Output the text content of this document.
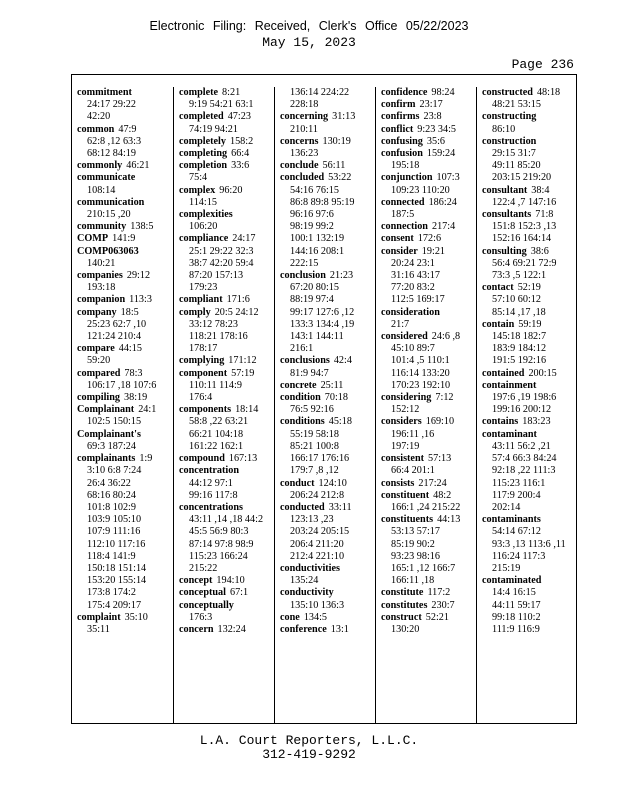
Electronic Filing: Received, Clerk's Office 05/22/2023
May 15, 2023
Page 236
commitment
24:17 29:22
42:20
common 47:9
62:8 ,12 63:3
68:12 84:19
commonly 46:21
communicate
108:14
communication
210:15 ,20
community 138:5
COMP 141:9
COMP063063
140:21
companies 29:12
193:18
companion 113:3
company 18:5
25:23 62:7 ,10
121:24 210:4
compare 44:15
59:20
compared 78:3
106:17 ,18 107:6
compiling 38:19
Complainant 24:1
102:5 150:15
Complainant's
69:3 187:24
complainants 1:9
3:10 6:8 7:24
26:4 36:22
68:16 80:24
101:8 102:9
103:9 105:10
107:9 111:16
112:10 117:16
118:4 141:9
150:18 151:14
153:20 155:14
173:8 174:2
175:4 209:17
complaint 35:10
35:11
complete 8:21
9:19 54:21 63:1
completed 47:23
74:19 94:21
completely 158:2
completing 66:4
completion 33:6
75:4
complex 96:20
114:15
complexities
106:20
compliance 24:17
25:1 29:22 32:3
38:7 42:20 59:4
87:20 157:13
179:23
compliant 171:6
comply 20:5 24:12
33:12 78:23
118:21 178:16
178:17
complying 171:12
component 57:19
110:11 114:9
176:4
components 18:14
58:8 ,22 63:21
66:21 104:18
161:22 162:1
compound 167:13
concentration
44:12 97:1
99:16 117:8
concentrations
43:11 ,14 ,18 44:2
45:5 56:9 80:3
87:14 97:8 98:9
115:23 166:24
215:22
concept 194:10
conceptual 67:1
conceptually
176:3
concern 132:24
136:14 224:22
228:18
concerning 31:13
210:11
concerns 130:19
136:23
conclude 56:11
concluded 53:22
54:16 76:15
86:8 89:8 95:19
96:16 97:6
98:19 99:2
100:1 132:19
144:16 208:1
222:15
conclusion 21:23
67:20 80:15
88:19 97:4
99:17 127:6 ,12
133:3 134:4 ,19
143:1 144:11
216:1
conclusions 42:4
81:9 94:7
concrete 25:11
condition 70:18
76:5 92:16
conditions 45:18
55:19 58:18
85:21 100:8
166:17 176:16
179:7 ,8 ,12
conduct 124:10
206:24 212:8
conducted 33:11
123:13 ,23
203:24 205:15
206:4 211:20
212:4 221:10
conductivities
135:24
conductivity
135:10 136:3
cone 134:5
conference 13:1
confidence 98:24
confirm 23:17
confirms 23:8
conflict 9:23 34:5
confusing 35:6
confusion 159:24
195:18
conjunction 107:3
109:23 110:20
connected 186:24
187:5
connection 217:4
consent 172:6
consider 19:21
20:24 23:1
31:16 43:17
77:20 83:2
112:5 169:17
consideration
21:7
considered 24:6 ,8
45:10 89:7
101:4 ,5 110:1
116:14 133:20
170:23 192:10
considering 7:12
152:12
considers 169:10
196:11 ,16
197:19
consistent 57:13
66:4 201:1
consists 217:24
constituent 48:2
166:1 ,24 215:22
constituents 44:13
53:13 57:17
85:19 90:2
93:23 98:16
165:1 ,12 166:7
166:11 ,18
constitute 117:2
constitutes 230:7
construct 52:21
130:20
constructed 48:18
48:21 53:15
constructing
86:10
construction
29:15 31:7
49:11 85:20
203:15 219:20
consultant 38:4
122:4 ,7 147:16
consultants 71:8
151:8 152:3 ,13
152:16 164:14
consulting 38:6
56:4 69:21 72:9
73:3 ,5 122:1
contact 52:19
57:10 60:12
85:14 ,17 ,18
contain 59:19
145:18 182:7
183:9 184:12
191:5 192:16
contained 200:15
containment
197:6 ,19 198:6
199:16 200:12
contains 183:23
contaminant
43:11 56:2 ,21
57:4 66:3 84:24
92:18 ,22 111:3
115:23 116:1
117:9 200:4
202:14
contaminants
54:14 67:12
93:3 ,13 113:6 ,11
116:24 117:3
215:19
contaminated
14:4 16:15
44:11 59:17
99:18 110:2
111:9 116:9
L.A. Court Reporters, L.L.C.
312-419-9292
